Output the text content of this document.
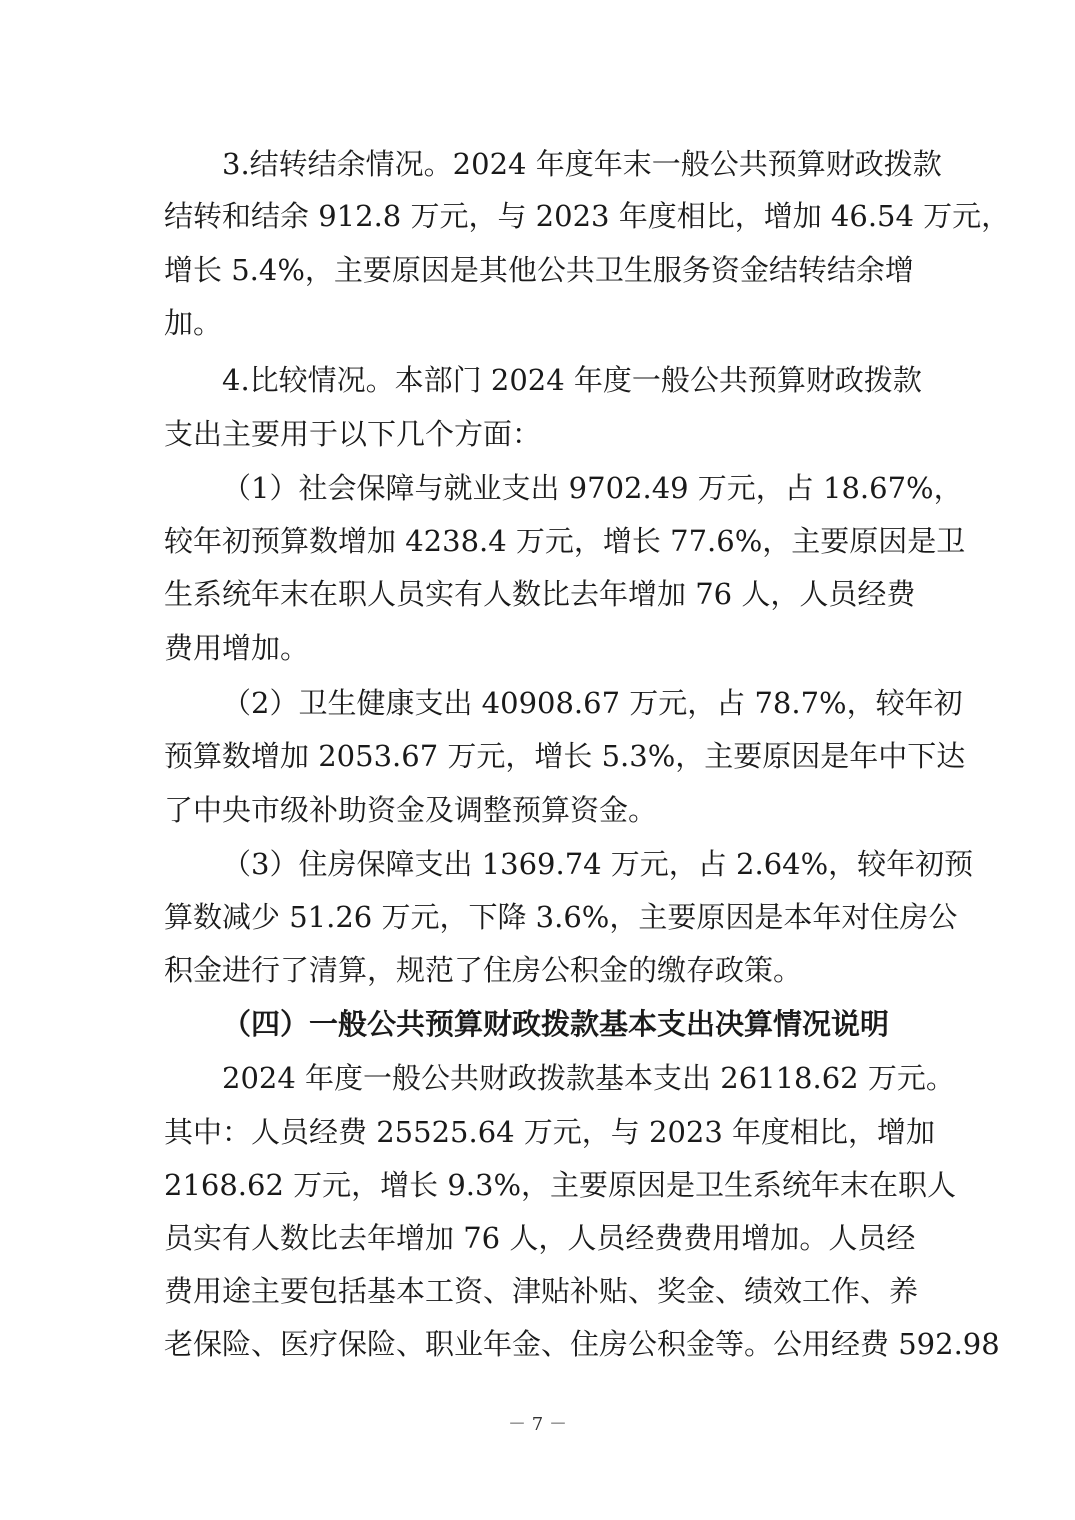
3.结转结余情况。2024 年度年末一般公共预算财政拨款
结转和结余 912.8 万元，与 2023 年度相比，增加 46.54 万元，
增长 5.4%，主要原因是其他公共卫生服务资金结转结余增
加。
4.比较情况。本部门 2024 年度一般公共预算财政拨款
支出主要用于以下几个方面：
（1）社会保障与就业支出 9702.49 万元，占 18.67%，
较年初预算数增加 4238.4 万元，增长 77.6%，主要原因是卫
生系统年末在职人员实有人数比去年增加 76 人，人员经费
费用增加。
（2）卫生健康支出 40908.67 万元，占 78.7%，较年初
预算数增加 2053.67 万元，增长 5.3%，主要原因是年中下达
了中央市级补助资金及调整预算资金。
（3）住房保障支出 1369.74 万元，占 2.64%，较年初预
算数减少 51.26 万元，下降 3.6%，主要原因是本年对住房公
积金进行了清算，规范了住房公积金的缴存政策。
（四）一般公共预算财政拨款基本支出决算情况说明
2024 年度一般公共财政拨款基本支出 26118.62 万元。
其中：人员经费 25525.64 万元，与 2023 年度相比，增加
2168.62 万元，增长 9.3%，主要原因是卫生系统年末在职人
员实有人数比去年增加 76 人，人员经费费用增加。人员经
费用途主要包括基本工资、津贴补贴、奖金、绩效工作、养
老保险、医疗保险、职业年金、住房公积金等。公用经费 592.98
－ 7 －
